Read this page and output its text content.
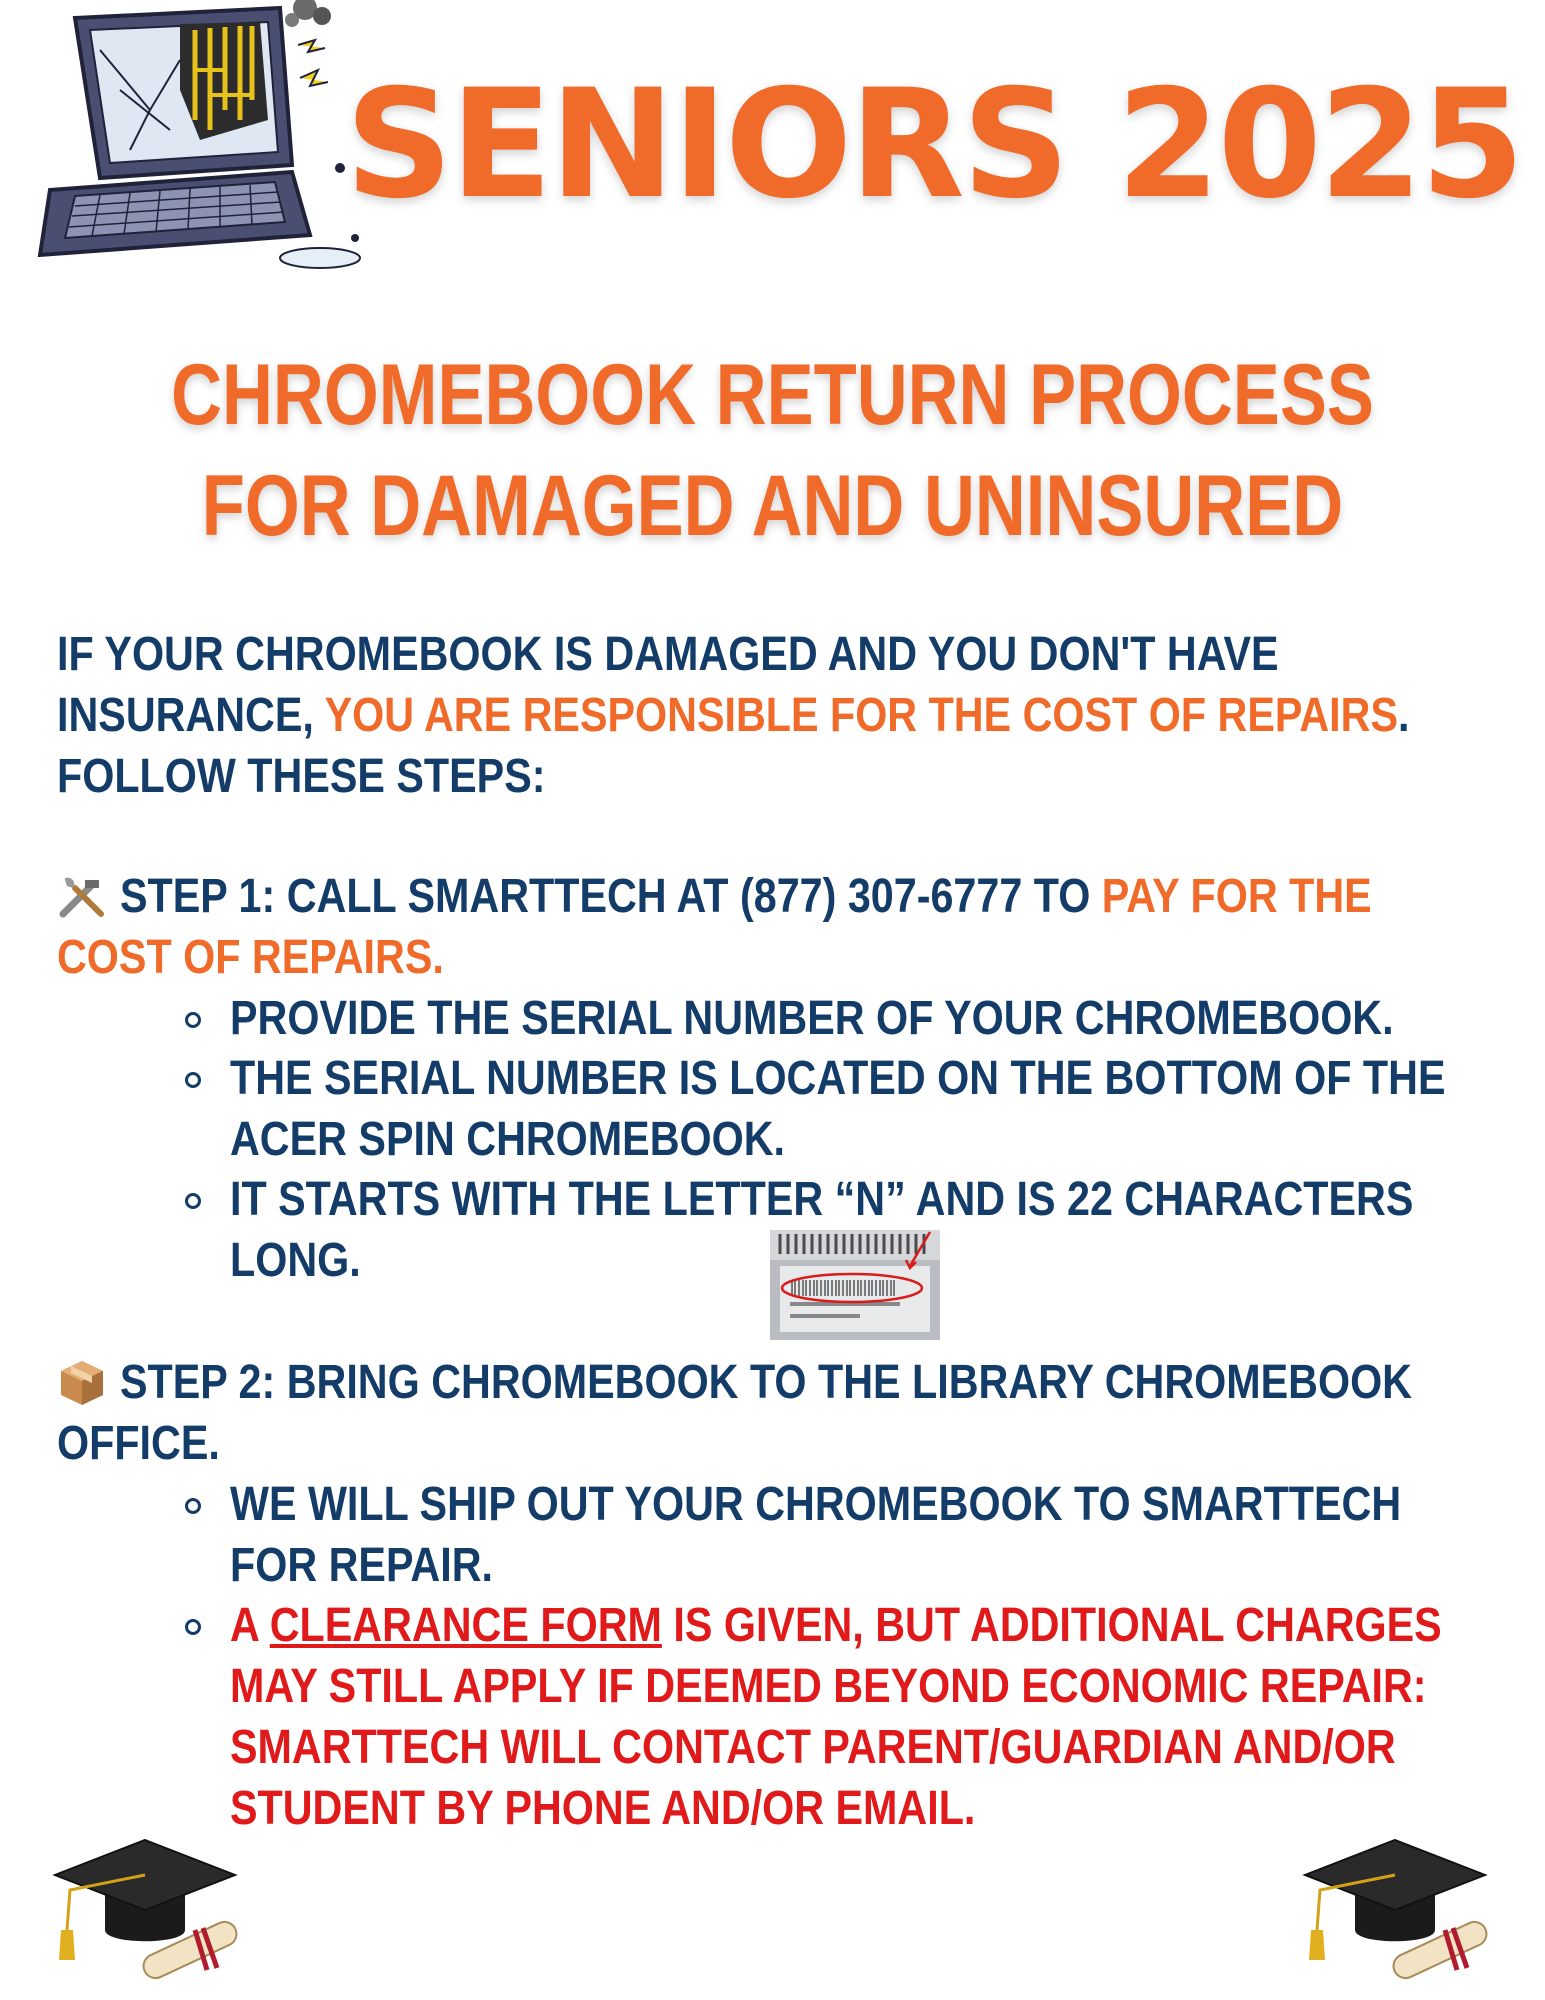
SENIORS 2025
CHROMEBOOK RETURN PROCESS
FOR DAMAGED AND UNINSURED
IF YOUR CHROMEBOOK IS DAMAGED AND YOU DON'T HAVE
INSURANCE, YOU ARE RESPONSIBLE FOR THE COST OF REPAIRS.
FOLLOW THESE STEPS:
STEP 1: CALL SMARTTECH AT (877) 307-6777 TO PAY FOR THE
COST OF REPAIRS.
PROVIDE THE SERIAL NUMBER OF YOUR CHROMEBOOK.
THE SERIAL NUMBER IS LOCATED ON THE BOTTOM OF THE
ACER SPIN CHROMEBOOK.
IT STARTS WITH THE LETTER “N” AND IS 22 CHARACTERS
LONG.
STEP 2: BRING CHROMEBOOK TO THE LIBRARY CHROMEBOOK
OFFICE.
WE WILL SHIP OUT YOUR CHROMEBOOK TO SMARTTECH
FOR REPAIR.
A CLEARANCE FORM IS GIVEN, BUT ADDITIONAL CHARGES
MAY STILL APPLY IF DEEMED BEYOND ECONOMIC REPAIR:
SMARTTECH WILL CONTACT PARENT/GUARDIAN AND/OR
STUDENT BY PHONE AND/OR EMAIL.
